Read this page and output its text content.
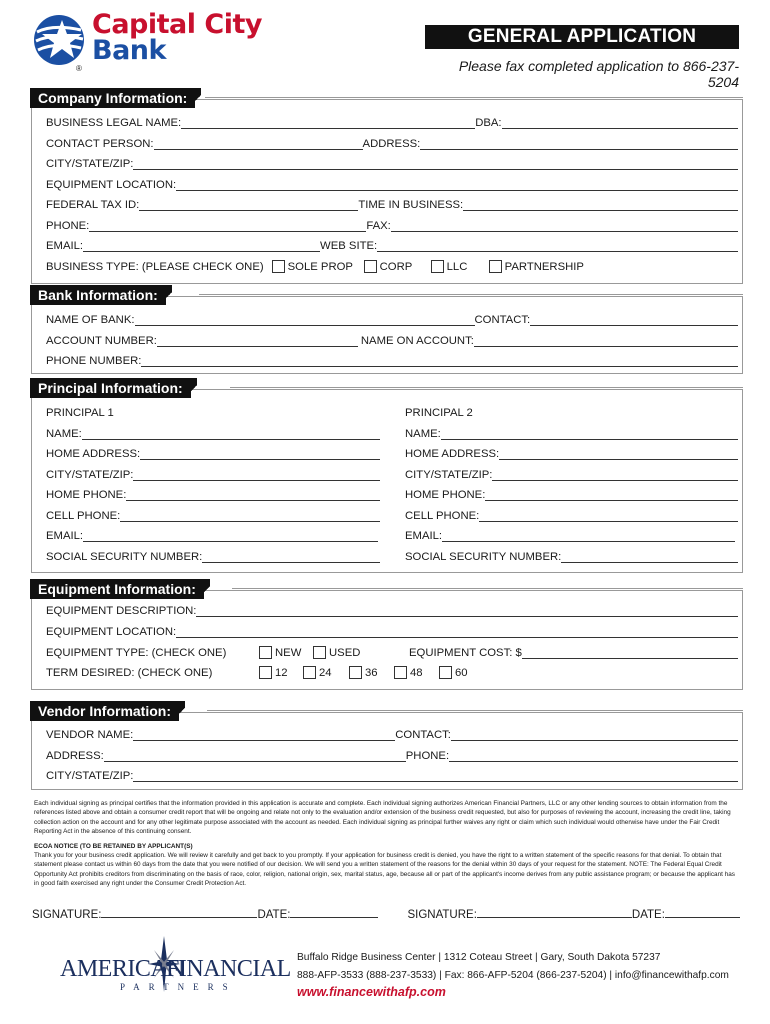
Capital City
Bank
®
GENERAL APPLICATION
Please fax completed application to 866-237-5204
Company Information:
BUSINESS LEGAL NAME:	DBA:
CONTACT PERSON:	ADDRESS:
CITY/STATE/ZIP:
EQUIPMENT LOCATION:
FEDERAL TAX ID:	TIME IN BUSINESS:
PHONE:	FAX:
EMAIL:	WEB SITE:
BUSINESS TYPE: (PLEASE CHECK ONE) SOLE PROP CORP	LLC	PARTNERSHIP
Bank Information:
NAME OF BANK:	CONTACT:
ACCOUNT NUMBER:	NAME ON ACCOUNT:
PHONE NUMBER:
Principal Information:
PRINCIPAL 1
NAME:
HOME ADDRESS:
CITY/STATE/ZIP:
HOME PHONE:
CELL PHONE:
EMAIL:
SOCIAL SECURITY NUMBER:
PRINCIPAL 2
NAME:
HOME ADDRESS:
CITY/STATE/ZIP:
HOME PHONE:
CELL PHONE:
EMAIL:
SOCIAL SECURITY NUMBER:
Equipment Information:
EQUIPMENT DESCRIPTION:
EQUIPMENT LOCATION:
EQUIPMENT TYPE: (CHECK ONE)	NEW USED	EQUIPMENT COST: $
TERM DESIRED: (CHECK ONE)	12	24	36	48	60
Vendor Information:
VENDOR NAME:	CONTACT:
ADDRESS:	PHONE:
CITY/STATE/ZIP:
Each individual signing as principal certifies that the information provided in this application is accurate and complete. Each individual signing authorizes American Financial Partners, LLC or any other lending sources to obtain information from the references listed above and obtain a consumer credit report that will be ongoing and relate not only to the evaluation and/or extension of the business credit requested, but also for purposes of reviewing the account, increasing the credit line, taking collection action on the account and for any other legitimate purpose associated with the account as needed. Each individual signing as principal further waives any right or claim which such individual would otherwise have under the Fair Credit Reporting Act in the absence of this continuing consent.
ECOA NOTICE (TO BE RETAINED BY APPLICANT(S)
Thank you for your business credit application. We will review it carefully and get back to you promptly. If your application for business credit is denied, you have the right to a written statement of the specific reasons for that denial. To obtain that statement please contact us within 60 days from the date that you were notified of our decision. We will send you a written statement of the reasons for the denial within 30 days of your request for the statement. NOTE: The Federal Equal Credit Opportunity Act prohibits creditors from discriminating on the basis of race, color, religion, national origin, sex, marital status, age, because all or part of the applicant's income derives from any public assistance program; or because the applicant has in good faith exercised any right under the Consumer Credit Protection Act.
SIGNATURE:	DATE:	SIGNATURE:	DATE:
AMERICAN
FINANCIAL
PARTNERS
Buffalo Ridge Business Center | 1312 Coteau Street | Gary, South Dakota 57237
888-AFP-3533 (888-237-3533) | Fax: 866-AFP-5204 (866-237-5204) | info@financewithafp.com
www.financewithafp.com
